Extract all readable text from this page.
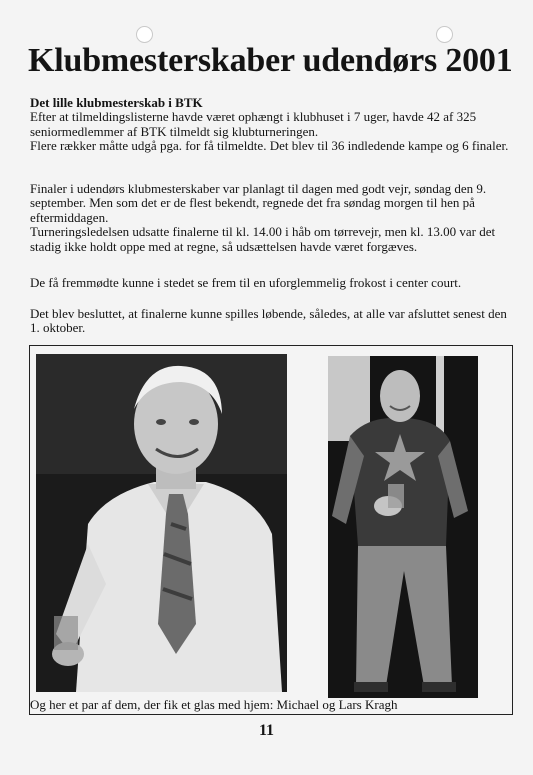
Klubmesterskaber udendørs 2001

Det lille klubmesterskab i BTK

Efter at tilmeldingslisterne havde været ophængt i klubhuset i 7 uger, havde 42 af 325 seniormedlemmer af BTK tilmeldt sig klubturneringen.

Flere rækker måtte udgå pga. for få tilmeldte. Det blev til 36 indledende kampe og 6 finaler.

Finaler i udendørs klubmesterskaber var planlagt til dagen med godt vejr, søndag den 9. september. Men som det er de flest bekendt, regnede det fra søndag morgen til hen på eftermiddagen.

Turneringsledelsen udsatte finalerne til kl. 14.00 i håb om tørrevejr, men kl. 13.00 var det stadig ikke holdt oppe med at regne, så udsættelsen havde været forgæves.

De få fremmødte kunne i stedet se frem til en uforglemmelig frokost i center court.

Det blev besluttet, at finalerne kunne spilles løbende, således, at alle var afsluttet senest den 1. oktober.

Og her et par af dem, der fik et glas med hjem: Michael og Lars Kragh
11
